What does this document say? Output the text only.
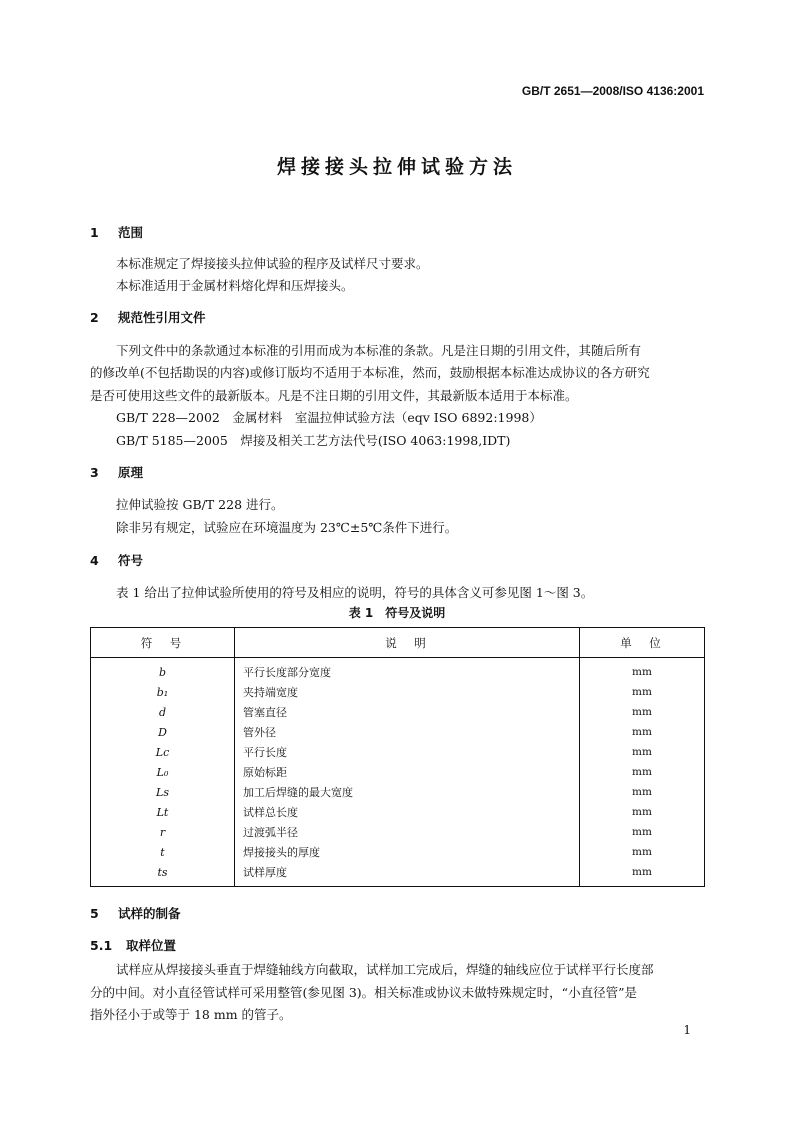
GB/T 2651—2008/ISO 4136:2001
焊接接头拉伸试验方法
1 范围
本标准规定了焊接接头拉伸试验的程序及试样尺寸要求。
本标准适用于金属材料熔化焊和压焊接头。
2 规范性引用文件
下列文件中的条款通过本标准的引用而成为本标准的条款。凡是注日期的引用文件，其随后所有
的修改单(不包括勘误的内容)或修订版均不适用于本标准，然而，鼓励根据本标准达成协议的各方研究
是否可使用这些文件的最新版本。凡是不注日期的引用文件，其最新版本适用于本标准。
GB/T 228—2002　金属材料　室温拉伸试验方法（eqv ISO 6892:1998）
GB/T 5185—2005　焊接及相关工艺方法代号(ISO 4063:1998,IDT)
3 原理
拉伸试验按 GB/T 228 进行。
除非另有规定，试验应在环境温度为 23℃±5℃条件下进行。
4 符号
表 1 给出了拉伸试验所使用的符号及相应的说明，符号的具体含义可参见图 1～图 3。
表 1　符号及说明
符　号	说　明	单　位
b	平行长度部分宽度	mm
b₁	夹持端宽度	mm
d	管塞直径	mm
D	管外径	mm
Lc	平行长度	mm
L₀	原始标距	mm
Ls	加工后焊缝的最大宽度	mm
Lt	试样总长度	mm
r	过渡弧半径	mm
t	焊接接头的厚度	mm
ts	试样厚度	mm
5 试样的制备
5.1 取样位置
试样应从焊接接头垂直于焊缝轴线方向截取，试样加工完成后，焊缝的轴线应位于试样平行长度部
分的中间。对小直径管试样可采用整管(参见图 3)。相关标准或协议未做特殊规定时，“小直径管”是
指外径小于或等于 18 mm 的管子。
1
